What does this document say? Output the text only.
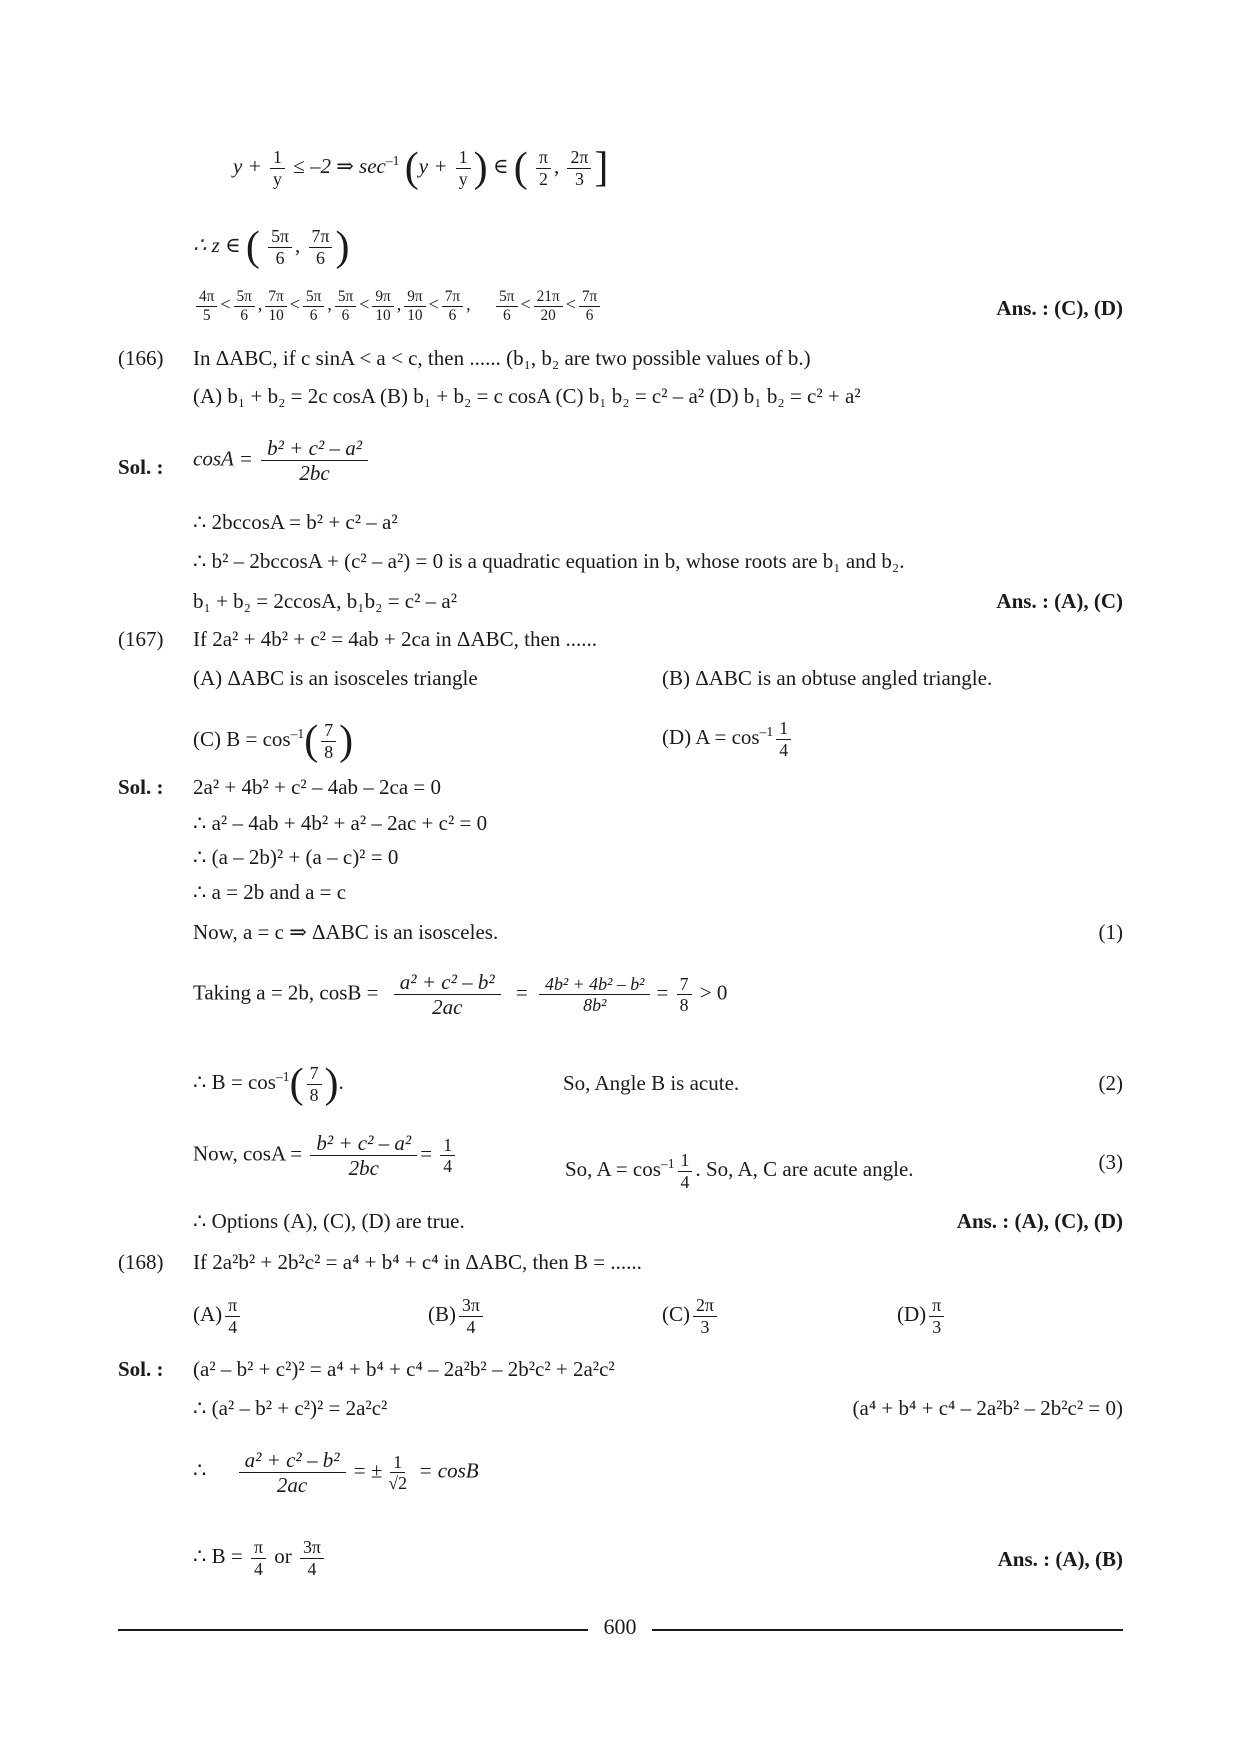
$y + \frac{1}{y} \le -2$ ⇒ $\sec^{-1} (y + \frac{1}{y}$ ) ∈ ( $\frac{\pi}{2}$ , $\frac{2\pi}{3}$ ]
∴ z ∈ ( $\frac{5\pi}{6}$ , $\frac{7\pi}{6}$ )
$\frac{4\pi}{5} < \frac{5\pi}{6}$ , $\frac{7\pi}{10} < \frac{5\pi}{6}$ , $\frac{5\pi}{6} < \frac{9\pi}{10}$ , $\frac{9\pi}{10} < \frac{7\pi}{6}$ , $\frac{5\pi}{6} < \frac{21\pi}{20} < \frac{7\pi}{6}$	Ans. : (C), (D)
(166) In ΔABC, if c sinA < a < c, then ...... (b₁, b₂ are two possible values of b.)
(A) b₁ + b₂ = 2c cosA (B) b₁ + b₂ = c cosA (C) b₁ b₂ = c² – a² (D) b₁ b₂ = c² + a²
Sol. : $\cos A = \frac{\text{b² + c² – a²}}{2bc}$
∴ 2bccosA = b² + c² – a²
∴ b² – 2bccosA + (c² – a²) = 0 is a quadratic equation in b, whose roots are b₁ and b₂.
b₁ + b₂ = 2ccosA, b₁b₂ = c² – a²	Ans. : (A), (C)
(167) If 2a² + 4b² + c² = 4ab + 2ca in ΔABC, then ......
(A) ΔABC is an isosceles triangle	(B) ΔABC is an obtuse angled triangle.
(C) $B = \cos^{-1}( \frac{7}{8}$ )	(D) $A = \cos^{-1} \frac{1}{4}$
Sol. : 2a² + 4b² + c² – 4ab – 2ca = 0
∴ a² – 4ab + 4b² + a² – 2ac + c² = 0
∴ (a – 2b)² + (a – c)² = 0
∴ a = 2b and a = c
Now, a = c ⇒ ΔABC is an isosceles.	(1)
Taking a = 2b, $\cos B = \frac{\text{a² + c² – b²}}{2ac} = \frac{\text{4b² + 4b² – b²}}{\text{8b²}} = \frac{7}{8} > 0$
∴ $B = \cos^{-1}( \frac{7}{8}$ ).	So, Angle B is acute.	(2)
Now, $\cos A = \frac{\text{b² + c² – a²}}{2bc} = \frac{1}{4}$	So, $A = \cos^{-1} \frac{1}{4}$ . So, A, C are acute angle.	(3)
∴ Options (A), (C), (D) are true.	Ans. : (A), (C), (D)
(168) If 2a²b² + 2b²c² = a⁴ + b⁴ + c⁴ in ΔABC, then B = ......
$(A) \frac{\pi}{4}$	$(B) \frac{3\pi}{4}$	$(C) \frac{2\pi}{3}$	$(D) \frac{\pi}{3}$
Sol. : (a² – b² + c²)² = a⁴ + b⁴ + c⁴ – 2a²b² – 2b²c² + 2a²c²
∴ (a² – b² + c²)² = 2a²c²	(a⁴ + b⁴ + c⁴ – 2a²b² – 2b²c² = 0)
∴ $\frac{\text{a² + c² – b²}}{2ac}$ = ± $\frac{1}{√2} = \cos B$
∴ $B = \frac{\pi}{4}$ or $\frac{3\pi}{4}$	Ans. : (A), (B)
600
